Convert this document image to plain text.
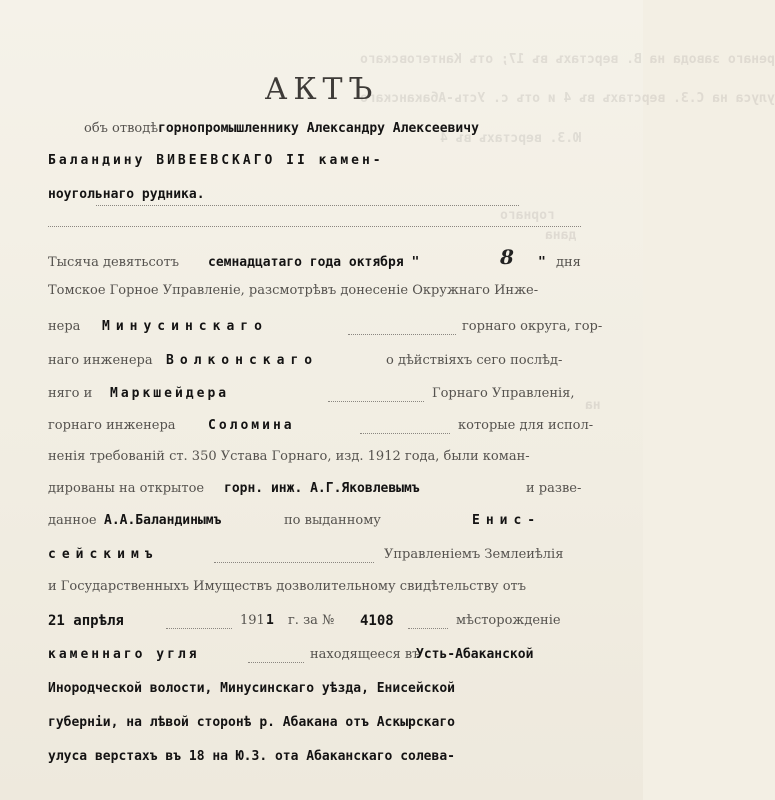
ренаго завода на
улуса на С.З.
АКТЪ
объ отводѣ горнопромышленнику Александру Алексеевичу
Баландину ВИВЕЕВСКАГО II камен-
ноугольнаго рудника.
Тысяча девятьсотъ семнадцатаго года октября "	8 " дня
Томское Горное Управленіе, разсмотрѣвъ донесеніе Окружнаго Инже-
нера Минусинскаго	горнаго округа, гор-
наго инженера Волконскаго	о дѣйствіяхъ сего послѣд-
няго и Маркшейдера	Горнаго Управленія,
горнаго инженера Соломина	которые для испол-
ненія требованій ст. 350 Устава Горнаго, изд. 1912 года, были коман-
дированы на открытое горн. инж. А.Г.Яковлевымъ	и разве-
данное А.А.Баландинымъ	по выданному	Енис-
сейскимъ	Управленіемъ Землеиѣлія
и Государственныхъ Имуществъ дозволительному свидѣтельству отъ
21 апрѣля	191 1 г. за № 4108	мѣсторожденіе
каменнаго угля	находящееся въ
Усть-Абаканской
Инородческой волости, Минусинскаго уѣзда, Енисейской
губерніи, на лѣвой сторонѣ р. Абакана отъ Аскырскаго
улуса верстахъ въ 18 на Ю.З. ота Абаканскаго солева-
